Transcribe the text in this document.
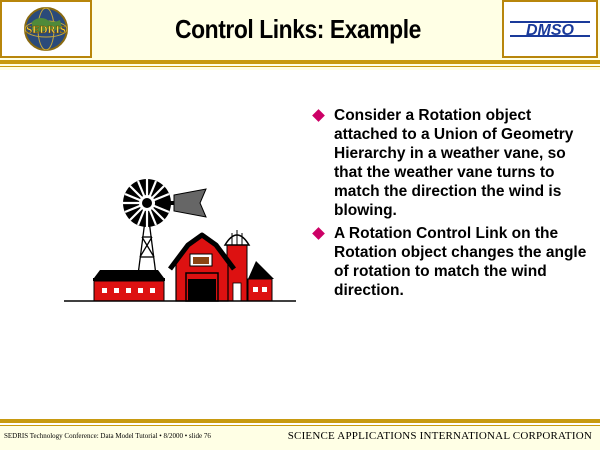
SEDRIS	Control Links: Example	DMSO
Consider a Rotation object attached to a Union of Geometry Hierarchy in a weather vane, so that the weather vane turns to match the direction the wind is blowing.
A Rotation Control Link on the Rotation object changes the angle of rotation to match the wind direction.
SEDRIS Technology Conference: Data Model Tutorial • 8/2000 • slide 76	SCIENCE APPLICATIONS INTERNATIONAL CORPORATION
